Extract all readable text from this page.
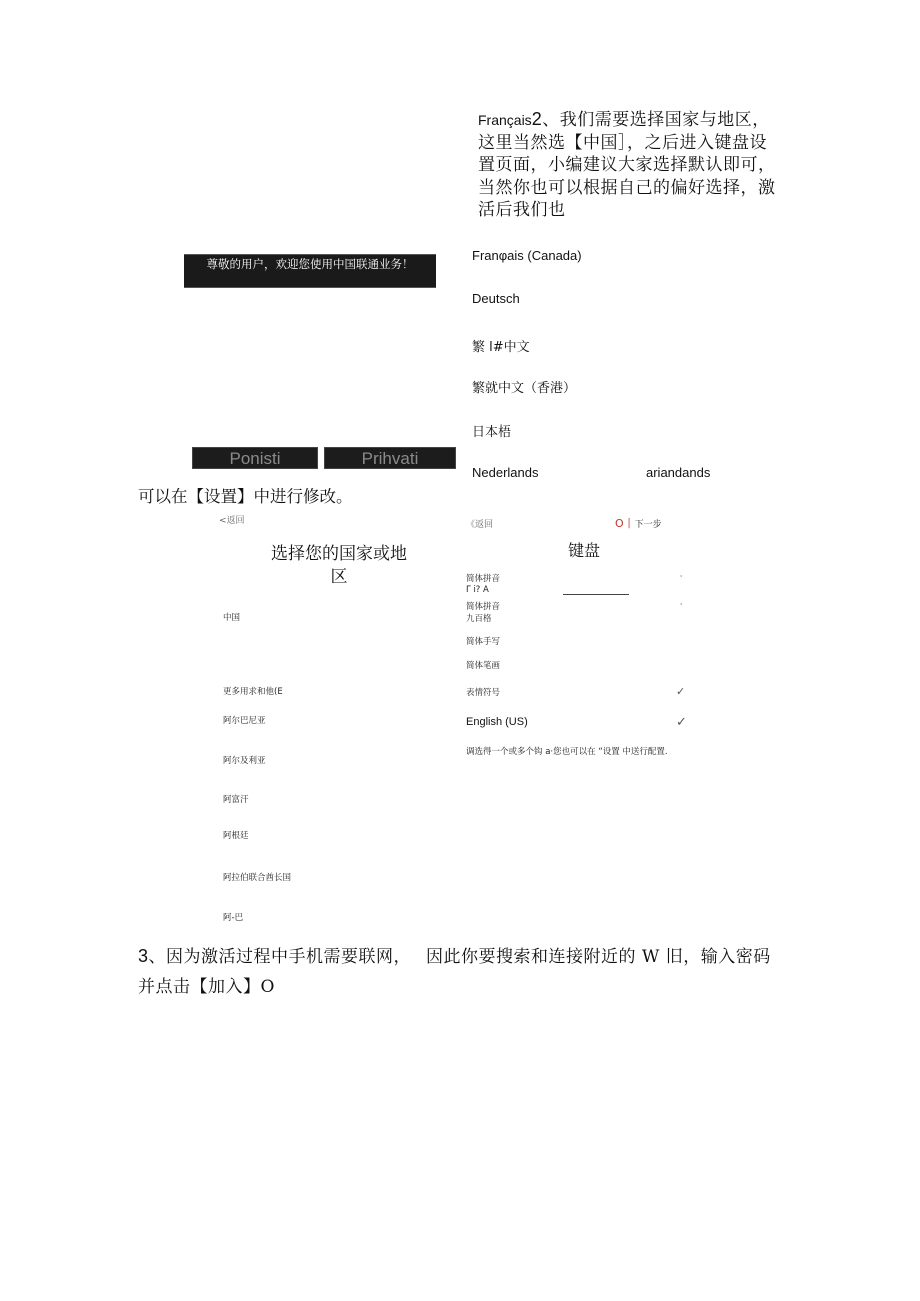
Français2、我们需要选择国家与地区，这里当然选【中国］，之后进入键盘设置页面，小编建议大家选择默认即可，当然你也可以根据自己的偏好选择，激活后我们也
尊敬的用户，欢迎您使用中国联通业务！
Ponisti	Prihvati
Franφais (Canada)
Deutsch
繁 l#中文
繁就中文（香港）
日本梧
Nederlands	ariandands
可以在【设置】中进行修改。
<返回
选择您的国家或地区
中国
更多用求和他(E
阿尔巴尼亚
阿尔及利亚
阿富汗
阿根廷
阿拉伯联合酋长国
阿-巴
《返回	O丨下一步
键盘
简体拼音
Γ i? A
'
简体拼音
九百格
'
简体手写
简体笔画
表情符号	✓
English (US)	✓
调选得一个或多个钩 a·您也可以在 “设置 中送行配置.
3、因为激活过程中手机需要联网， 因此你要搜索和连接附近的 W 旧，输入密码
并点击【加入】O
